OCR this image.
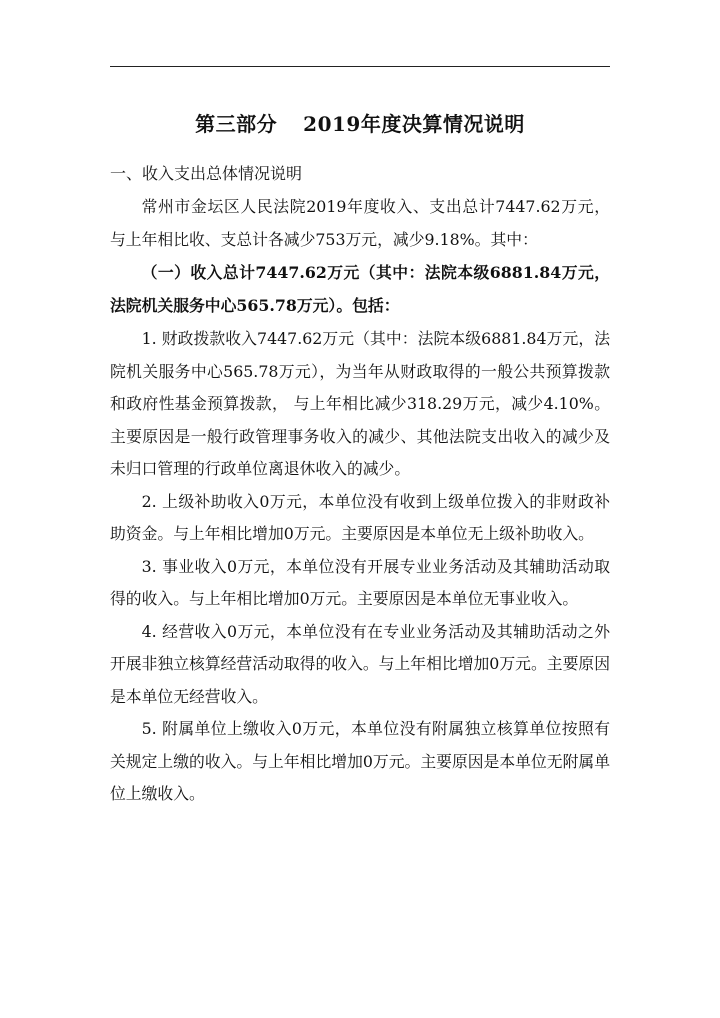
第三部分 2019年度决算情况说明
一、收入支出总体情况说明

常州市金坛区人民法院2019年度收入、支出总计7447.62万元，与上年相比收、支总计各减少753万元，减少9.18%。其中：

（一）收入总计7447.62万元（其中：法院本级6881.84万元，法院机关服务中心565.78万元）。包括：

1. 财政拨款收入7447.62万元（其中：法院本级6881.84万元，法院机关服务中心565.78万元），为当年从财政取得的一般公共预算拨款和政府性基金预算拨款， 与上年相比减少318.29万元，减少4.10%。主要原因是一般行政管理事务收入的减少、其他法院支出收入的减少及未归口管理的行政单位离退休收入的减少。

2. 上级补助收入0万元，本单位没有收到上级单位拨入的非财政补助资金。与上年相比增加0万元。主要原因是本单位无上级补助收入。

3. 事业收入0万元，本单位没有开展专业业务活动及其辅助活动取得的收入。与上年相比增加0万元。主要原因是本单位无事业收入。

4. 经营收入0万元，本单位没有在专业业务活动及其辅助活动之外开展非独立核算经营活动取得的收入。与上年相比增加0万元。主要原因是本单位无经营收入。

5. 附属单位上缴收入0万元，本单位没有附属独立核算单位按照有关规定上缴的收入。与上年相比增加0万元。主要原因是本单位无附属单位上缴收入。
